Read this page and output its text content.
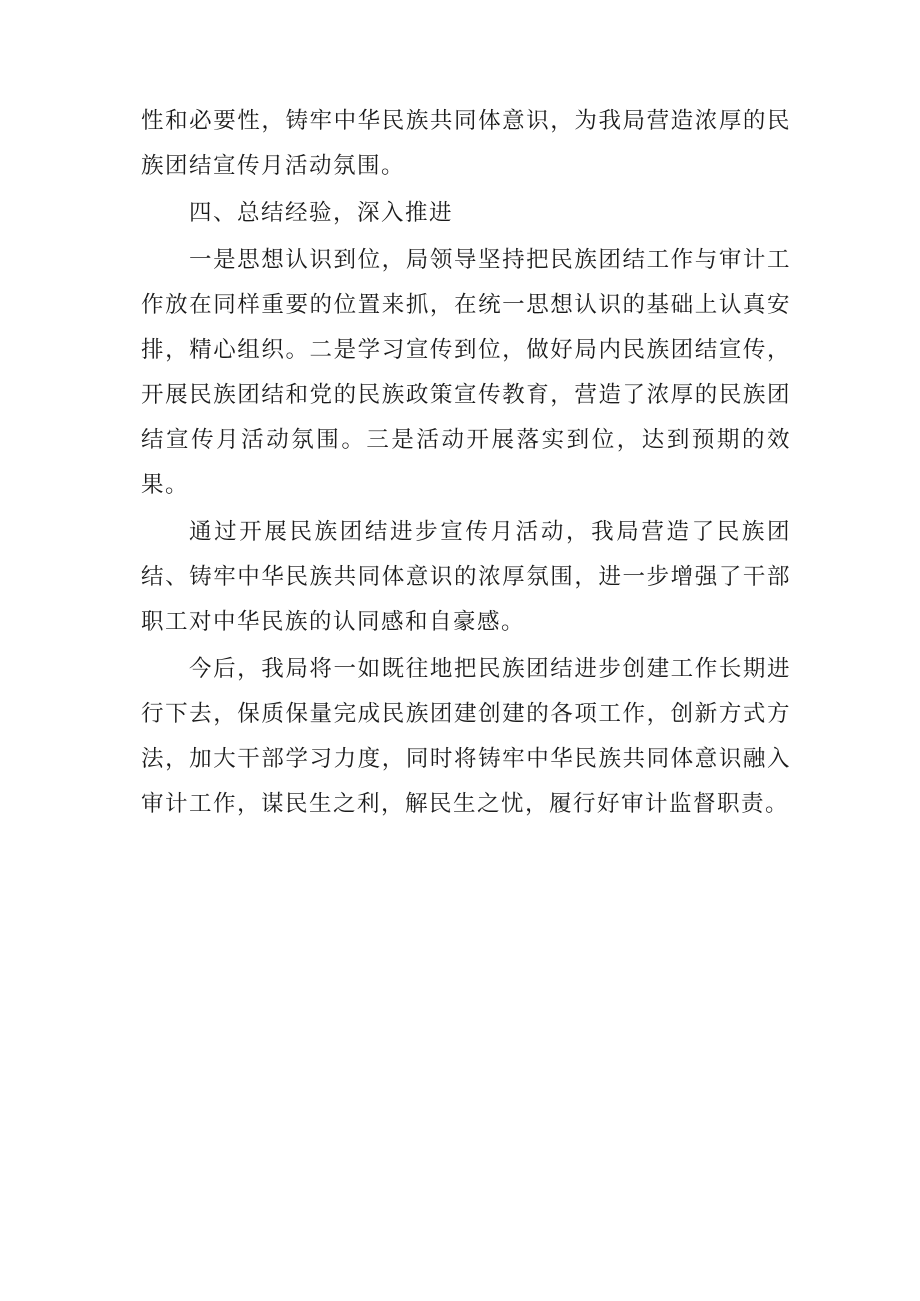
性和必要性，铸牢中华民族共同体意识，为我局营造浓厚的民族团结宣传月活动氛围。

四、总结经验，深入推进

一是思想认识到位，局领导坚持把民族团结工作与审计工作放在同样重要的位置来抓，在统一思想认识的基础上认真安排，精心组织。二是学习宣传到位，做好局内民族团结宣传，开展民族团结和党的民族政策宣传教育，营造了浓厚的民族团结宣传月活动氛围。三是活动开展落实到位，达到预期的效果。

通过开展民族团结进步宣传月活动，我局营造了民族团结、铸牢中华民族共同体意识的浓厚氛围，进一步增强了干部职工对中华民族的认同感和自豪感。

今后，我局将一如既往地把民族团结进步创建工作长期进行下去，保质保量完成民族团建创建的各项工作，创新方式方法，加大干部学习力度，同时将铸牢中华民族共同体意识融入审计工作，谋民生之利，解民生之忧，履行好审计监督职责。
